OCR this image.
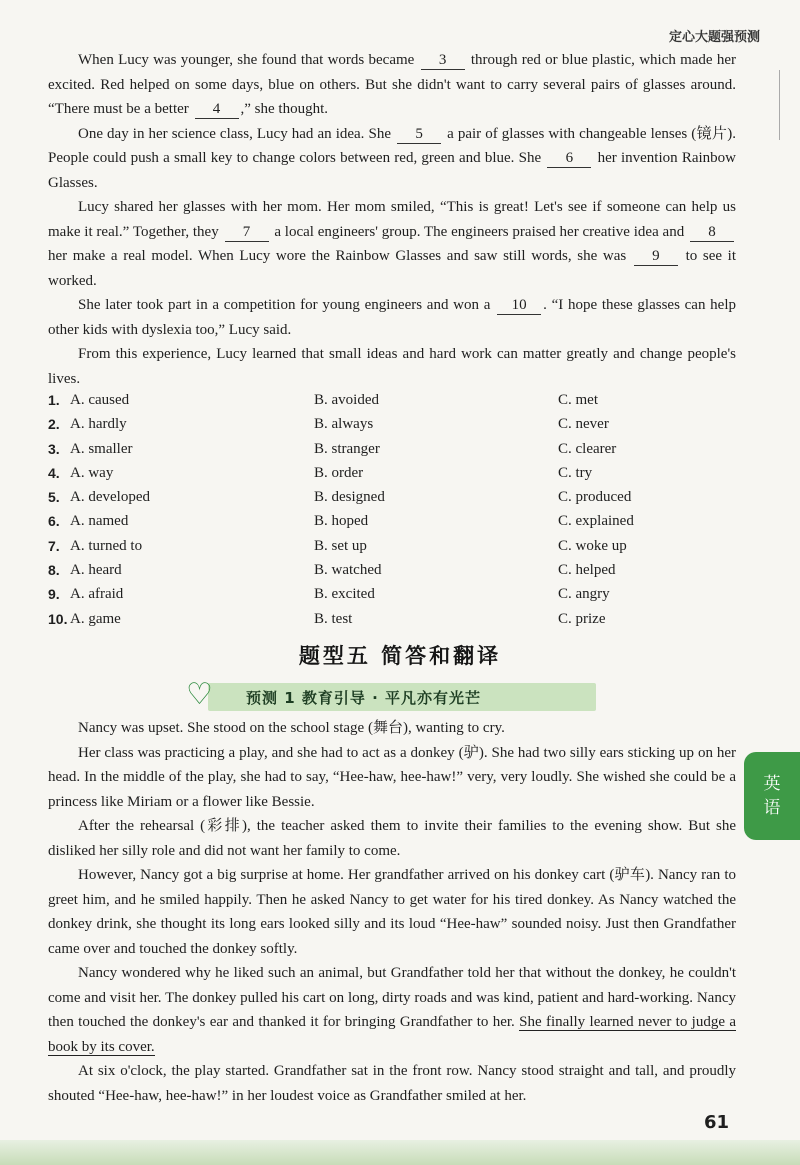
定心大题强预测

When Lucy was younger, she found that words became 3 through red or blue plastic, which made her excited. Red helped on some days, blue on others. But she didn't want to carry several pairs of glasses around. “There must be a better 4 ,” she thought.

One day in her science class, Lucy had an idea. She 5 a pair of glasses with changeable lenses (镜片). People could push a small key to change colors between red, green and blue. She 6 her invention Rainbow Glasses.

Lucy shared her glasses with her mom. Her mom smiled, “This is great! Let's see if someone can help us make it real.” Together, they 7 a local engineers' group. The engineers praised her creative idea and 8 her make a real model. When Lucy wore the Rainbow Glasses and saw still words, she was 9 to see it worked.

She later took part in a competition for young engineers and won a 10 . “I hope these glasses can help other kids with dyslexia too,” Lucy said.

From this experience, Lucy learned that small ideas and hard work can matter greatly and change people's lives.

1. A. caused	B. avoided	C. met
2. A. hardly	B. always	C. never
3. A. smaller	B. stranger	C. clearer
4. A. way	B. order	C. try
5. A. developed	B. designed	C. produced
6. A. named	B. hoped	C. explained
7. A. turned to	B. set up	C. woke up
8. A. heard	B. watched	C. helped
9. A. afraid	B. excited	C. angry
10. A. game	B. test	C. prize
题型五 简答和翻译
♡ 预测 1 教育引导 · 平凡亦有光芒
英
语

Nancy was upset. She stood on the school stage (舞台), wanting to cry.

Her class was practicing a play, and she had to act as a donkey (驴). She had two silly ears sticking up on her head. In the middle of the play, she had to say, “Hee-haw, hee-haw!” very, very loudly. She wished she could be a princess like Miriam or a flower like Bessie.

After the rehearsal (彩排), the teacher asked them to invite their families to the evening show. But she disliked her silly role and did not want her family to come.

However, Nancy got a big surprise at home. Her grandfather arrived on his donkey cart (驴车). Nancy ran to greet him, and he smiled happily. Then he asked Nancy to get water for his tired donkey. As Nancy watched the donkey drink, she thought its long ears looked silly and its loud “Hee-haw” sounded noisy. Just then Grandfather came over and touched the donkey softly.

Nancy wondered why he liked such an animal, but Grandfather told her that without the donkey, he couldn't come and visit her. The donkey pulled his cart on long, dirty roads and was kind, patient and hard-working. Nancy then touched the donkey's ear and thanked it for bringing Grandfather to her. She finally learned never to judge a book by its cover.

At six o'clock, the play started. Grandfather sat in the front row. Nancy stood straight and tall, and proudly shouted “Hee-haw, hee-haw!” in her loudest voice as Grandfather smiled at her.

61
